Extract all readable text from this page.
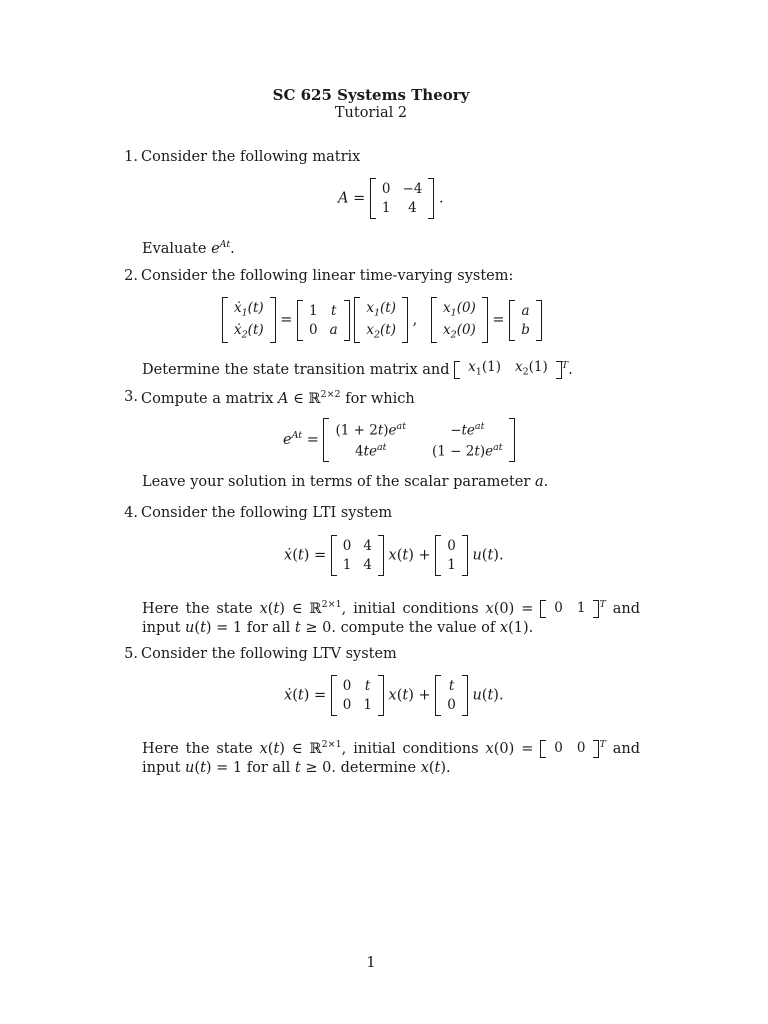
SC 625 Systems Theory
Tutorial 2
1. Consider the following matrix
A =
0 −4
1	4
.
Evaluate $e^{At}$.
2. Consider the following linear time-varying system:
ẋ$_1$(t)
ẋ$_2$(t)
=
1 t
0 a

$x_1(t)$
$x_2(t)$
,
$x_1(0)$
$x_2(0)$
=
a
b
Determine the state transition matrix and $x_1(1)$ $x_2(1)$ $^T$.
3. Compute a matrix A ∈ ℝ$^{2\times 2}$ for which
$e^{At}$ =
$(1 + 2t)e^{at}$	$-te^{at}$
$4te^{at}$	$(1 - 2t)e^{at}$
Leave your solution in terms of the scalar parameter a.
4. Consider the following LTI system
ẋ(t) =
0 4
1 4
x(t) +
0
1
u(t).
Here the state x(t) ∈ ℝ$^{2\times 1}$, initial conditions x(0) = 0 1 $^T$ and input u(t) = 1 for all t ≥ 0. compute the value of x(1).
5. Consider the following LTV system
ẋ(t) =
0 t
0 1
x(t) +
t
0
u(t).
Here the state x(t) ∈ ℝ$^{2\times 1}$, initial conditions x(0) = 0 0 $^T$ and input u(t) = 1 for all t ≥ 0. determine x(t).
1
